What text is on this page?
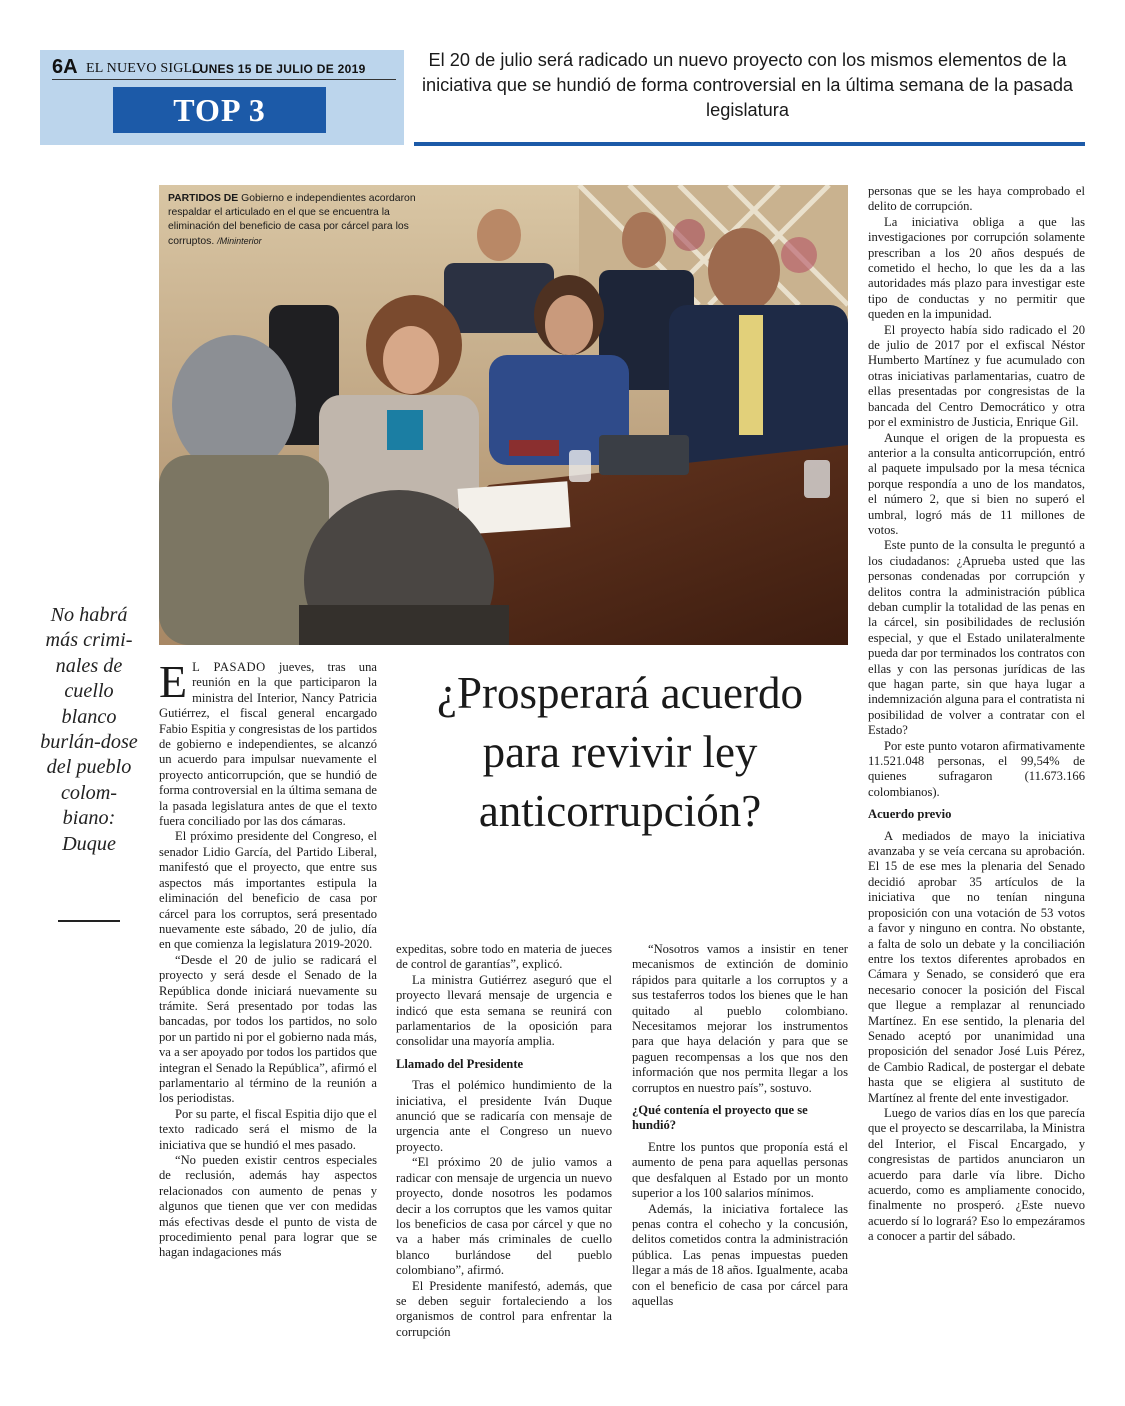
6A EL NUEVO SIGLO
LUNES 15 DE JULIO DE 2019
TOP 3
El 20 de julio será radicado un nuevo proyecto con los mismos elementos de la iniciativa que se hundió de forma controversial en la última semana de la pasada legislatura
PARTIDOS DE Gobierno e independientes acordaron respaldar el articulado en el que se encuentra la eliminación del beneficio de casa por cárcel para los corruptos. /Mininterior
No habrá más crimi-nales de cuello blanco burlán-dose del pueblo colom-biano: Duque
¿Prosperará acuerdo para revivir ley anticorrupción?

E L PASADO jueves, tras una reunión en la que participaron la ministra del Interior, Nancy Patricia Gutiérrez, el fiscal general encargado Fabio Espitia y congresistas de los partidos de gobierno e independientes, se alcanzó un acuerdo para impulsar nuevamente el proyecto anticorrupción, que se hundió de forma controversial en la última semana de la pasada legislatura antes de que el texto fuera conciliado por las dos cámaras.

El próximo presidente del Congreso, el senador Lidio García, del Partido Liberal, manifestó que el proyecto, que entre sus aspectos más importantes estipula la eliminación del beneficio de casa por cárcel para los corruptos, será presentado nuevamente este sábado, 20 de julio, día en que comienza la legislatura 2019-2020.

“Desde el 20 de julio se radicará el proyecto y será desde el Senado de la República donde iniciará nuevamente su trámite. Será presentado por todas las bancadas, por todos los partidos, no solo por un partido ni por el gobierno nada más, va a ser apoyado por todos los partidos que integran el Senado la República”, afirmó el parlamentario al término de la reunión a los periodistas.

Por su parte, el fiscal Espitia dijo que el texto radicado será el mismo de la iniciativa que se hundió el mes pasado.

“No pueden existir centros especiales de reclusión, además hay aspectos relacionados con aumento de penas y algunos que tienen que ver con medidas más efectivas desde el punto de vista de procedimiento penal para lograr que se hagan indagaciones más

expeditas, sobre todo en materia de jueces de control de garantías”, explicó.

La ministra Gutiérrez aseguró que el proyecto llevará mensaje de urgencia e indicó que esta semana se reunirá con parlamentarios de la oposición para consolidar una mayoría amplia.

Llamado del Presidente

Tras el polémico hundimiento de la iniciativa, el presidente Iván Duque anunció que se radicaría con mensaje de urgencia ante el Congreso un nuevo proyecto.

“El próximo 20 de julio vamos a radicar con mensaje de urgencia un nuevo proyecto, donde nosotros les podamos decir a los corruptos que les vamos quitar los beneficios de casa por cárcel y que no va a haber más criminales de cuello blanco burlándose del pueblo colombiano”, afirmó.

El Presidente manifestó, además, que se deben seguir fortaleciendo a los organismos de control para enfrentar la corrupción

“Nosotros vamos a insistir en tener mecanismos de extinción de dominio rápidos para quitarle a los corruptos y a sus testaferros todos los bienes que le han quitado al pueblo colombiano. Necesitamos mejorar los instrumentos para que haya delación y para que se paguen recompensas a los que nos den información que nos permita llegar a los corruptos en nuestro país”, sostuvo.

¿Qué contenía el proyecto que se hundió?

Entre los puntos que proponía está el aumento de pena para aquellas personas que desfalquen al Estado por un monto superior a los 100 salarios mínimos.

Además, la iniciativa fortalece las penas contra el cohecho y la concusión, delitos cometidos contra la administración pública. Las penas impuestas pueden llegar a más de 18 años. Igualmente, acaba con el beneficio de casa por cárcel para aquellas

personas que se les haya comprobado el delito de corrupción.

La iniciativa obliga a que las investigaciones por corrupción solamente prescriban a los 20 años después de cometido el hecho, lo que les da a las autoridades más plazo para investigar este tipo de conductas y no permitir que queden en la impunidad.

El proyecto había sido radicado el 20 de julio de 2017 por el exfiscal Néstor Humberto Martínez y fue acumulado con otras iniciativas parlamentarias, cuatro de ellas presentadas por congresistas de la bancada del Centro Democrático y otra por el exministro de Justicia, Enrique Gil.

Aunque el origen de la propuesta es anterior a la consulta anticorrupción, entró al paquete impulsado por la mesa técnica porque respondía a uno de los mandatos, el número 2, que si bien no superó el umbral, logró más de 11 millones de votos.

Este punto de la consulta le preguntó a los ciudadanos: ¿Aprueba usted que las personas condenadas por corrupción y delitos contra la administración pública deban cumplir la totalidad de las penas en la cárcel, sin posibilidades de reclusión especial, y que el Estado unilateralmente pueda dar por terminados los contratos con ellas y con las personas jurídicas de las que hagan parte, sin que haya lugar a indemnización alguna para el contratista ni posibilidad de volver a contratar con el Estado?

Por este punto votaron afirmativamente 11.521.048 personas, el 99,54% de quienes sufragaron (11.673.166 colombianos).

Acuerdo previo

A mediados de mayo la iniciativa avanzaba y se veía cercana su aprobación. El 15 de ese mes la plenaria del Senado decidió aprobar 35 artículos de la iniciativa que no tenían ninguna proposición con una votación de 53 votos a favor y ninguno en contra. No obstante, a falta de solo un debate y la conciliación entre los textos diferentes aprobados en Cámara y Senado, se consideró que era necesario conocer la posición del Fiscal que llegue a remplazar al renunciado Martínez. En ese sentido, la plenaria del Senado aceptó por unanimidad una proposición del senador José Luis Pérez, de Cambio Radical, de postergar el debate hasta que se eligiera al sustituto de Martínez al frente del ente investigador.

Luego de varios días en los que parecía que el proyecto se descarrilaba, la Ministra del Interior, el Fiscal Encargado, y congresistas de partidos anunciaron un acuerdo para darle vía libre. Dicho acuerdo, como es ampliamente conocido, finalmente no prosperó. ¿Este nuevo acuerdo sí lo logrará? Eso lo empezáramos a conocer a partir del sábado.
